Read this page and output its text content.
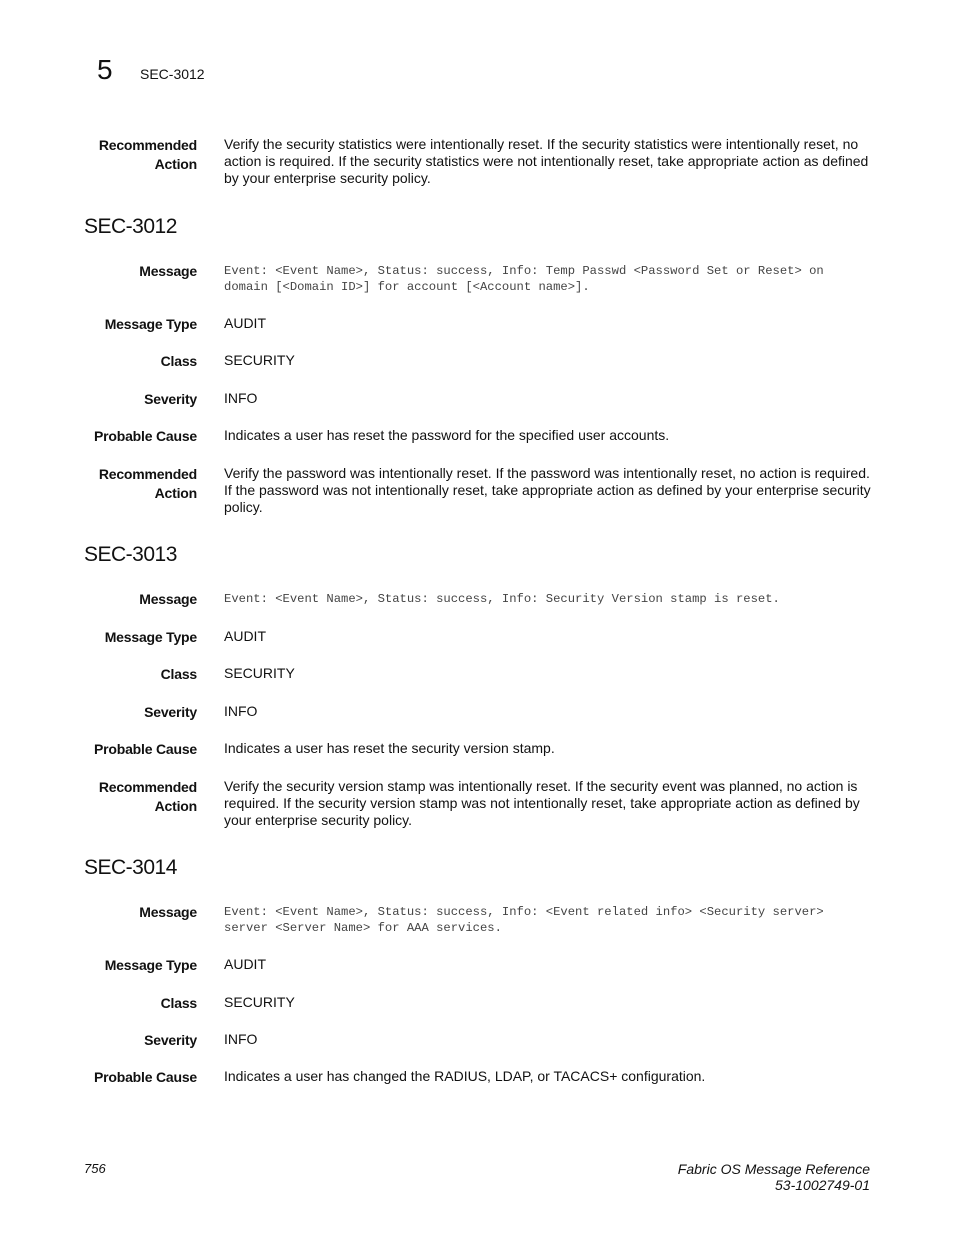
5 SEC-3012
Recommended
Action
Verify the security statistics were intentionally reset. If the security statistics were intentionally reset, no action is required. If the security statistics were not intentionally reset, take appropriate action as defined by your enterprise security policy.
SEC-3012
Message Event: <Event Name>, Status: success, Info: Temp Passwd <Password Set or Reset> on domain [<Domain ID>] for account [<Account name>].
Message Type AUDIT
Class SECURITY
Severity INFO
Probable Cause Indicates a user has reset the password for the specified user accounts.
Recommended
Action
Verify the password was intentionally reset. If the password was intentionally reset, no action is required. If the password was not intentionally reset, take appropriate action as defined by your enterprise security policy.
SEC-3013
Message Event: <Event Name>, Status: success, Info: Security Version stamp is reset.
Message Type AUDIT
Class SECURITY
Severity INFO
Probable Cause Indicates a user has reset the security version stamp.
Recommended
Action
Verify the security version stamp was intentionally reset. If the security event was planned, no action is required. If the security version stamp was not intentionally reset, take appropriate action as defined by your enterprise security policy.
SEC-3014
Message Event: <Event Name>, Status: success, Info: <Event related info> <Security server> server <Server Name> for AAA services.
Message Type AUDIT
Class SECURITY
Severity INFO
Probable Cause Indicates a user has changed the RADIUS, LDAP, or TACACS+ configuration.
756	Fabric OS Message Reference
53-1002749-01
